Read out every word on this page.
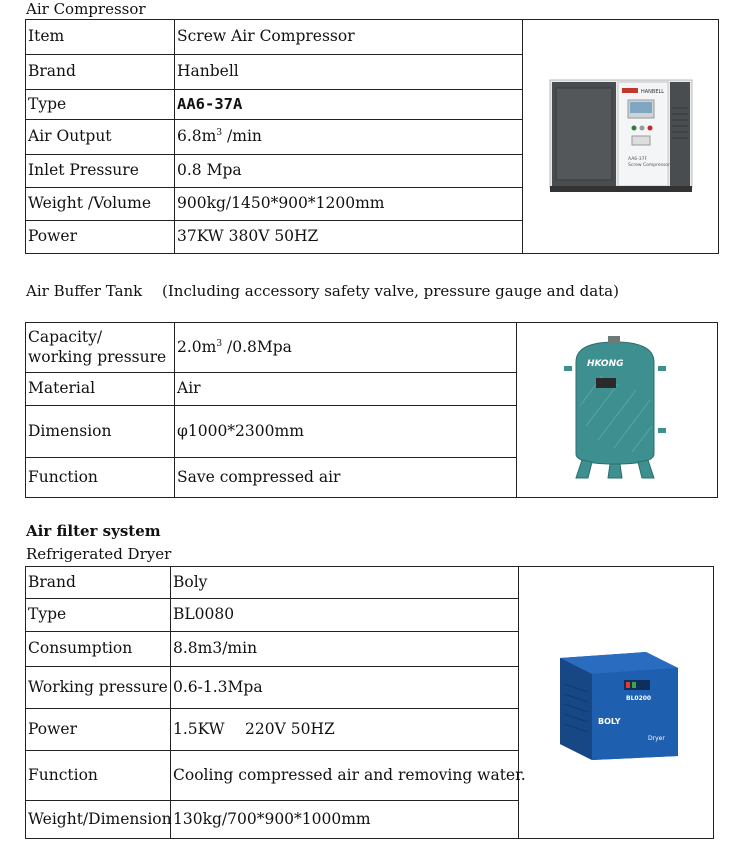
Air Compressor
Item	Screw Air Compressor	HANBELL
AA6-37F
Screw Compressor

Brand	Hanbell	
Type	AA6-37A	
Air Output	$6.8m^3$ /min	
Inlet Pressure	0.8 Mpa	
Weight /Volume	900kg/1450*900*1200mm	
Power	37KW 380V 50HZ	
Air Buffer Tank 　(Including accessory safety valve, pressure gauge and data)
Capacity/
working pressure	$2.0m^3$ /0.8Mpa	HKONG

Material	Air	
Dimension	φ1000*2300mm	
Function	Save compressed air	
Air filter system
Refrigerated Dryer
Brand	Boly	BL0200
BOLY
Dryer

Type	BL0080	
Consumption	8.8m3/min	
Working pressure	0.6-1.3Mpa	
Power	1.5KW　 220V 50HZ	
Function	Cooling compressed air and removing water.	
Weight/Dimension	130kg/700*900*1000mm	
